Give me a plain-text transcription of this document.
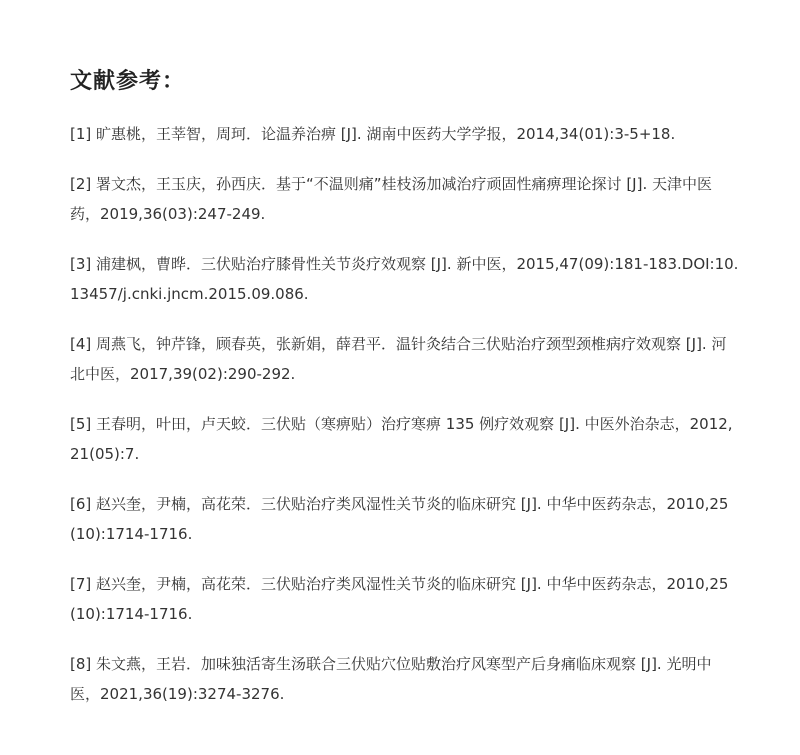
文献参考：
[1] 旷惠桃，王莘智，周珂．论温养治痹 [J]. 湖南中医药大学学报，2014,34(01):3-5+18.
[2] 署文杰，王玉庆，孙西庆．基于“不温则痛”桂枝汤加减治疗顽固性痛痹理论探讨 [J]. 天津中医药，2019,36(03):247-249.
[3] 浦建枫，曹晔．三伏贴治疗膝骨性关节炎疗效观察 [J]. 新中医，2015,47(09):181-183.DOI:10.13457/j.cnki.jncm.2015.09.086.
[4] 周燕飞，钟芹锋，顾春英，张新娟，薛君平．温针灸结合三伏贴治疗颈型颈椎病疗效观察 [J]. 河北中医，2017,39(02):290-292.
[5] 王春明，叶田，卢天蛟．三伏贴（寒痹贴）治疗寒痹 135 例疗效观察 [J]. 中医外治杂志，2012,21(05):7.
[6] 赵兴奎，尹楠，高花荣．三伏贴治疗类风湿性关节炎的临床研究 [J]. 中华中医药杂志，2010,25(10):1714-1716.
[7] 赵兴奎，尹楠，高花荣．三伏贴治疗类风湿性关节炎的临床研究 [J]. 中华中医药杂志，2010,25(10):1714-1716.
[8] 朱文燕，王岩．加味独活寄生汤联合三伏贴穴位贴敷治疗风寒型产后身痛临床观察 [J]. 光明中医，2021,36(19):3274-3276.
